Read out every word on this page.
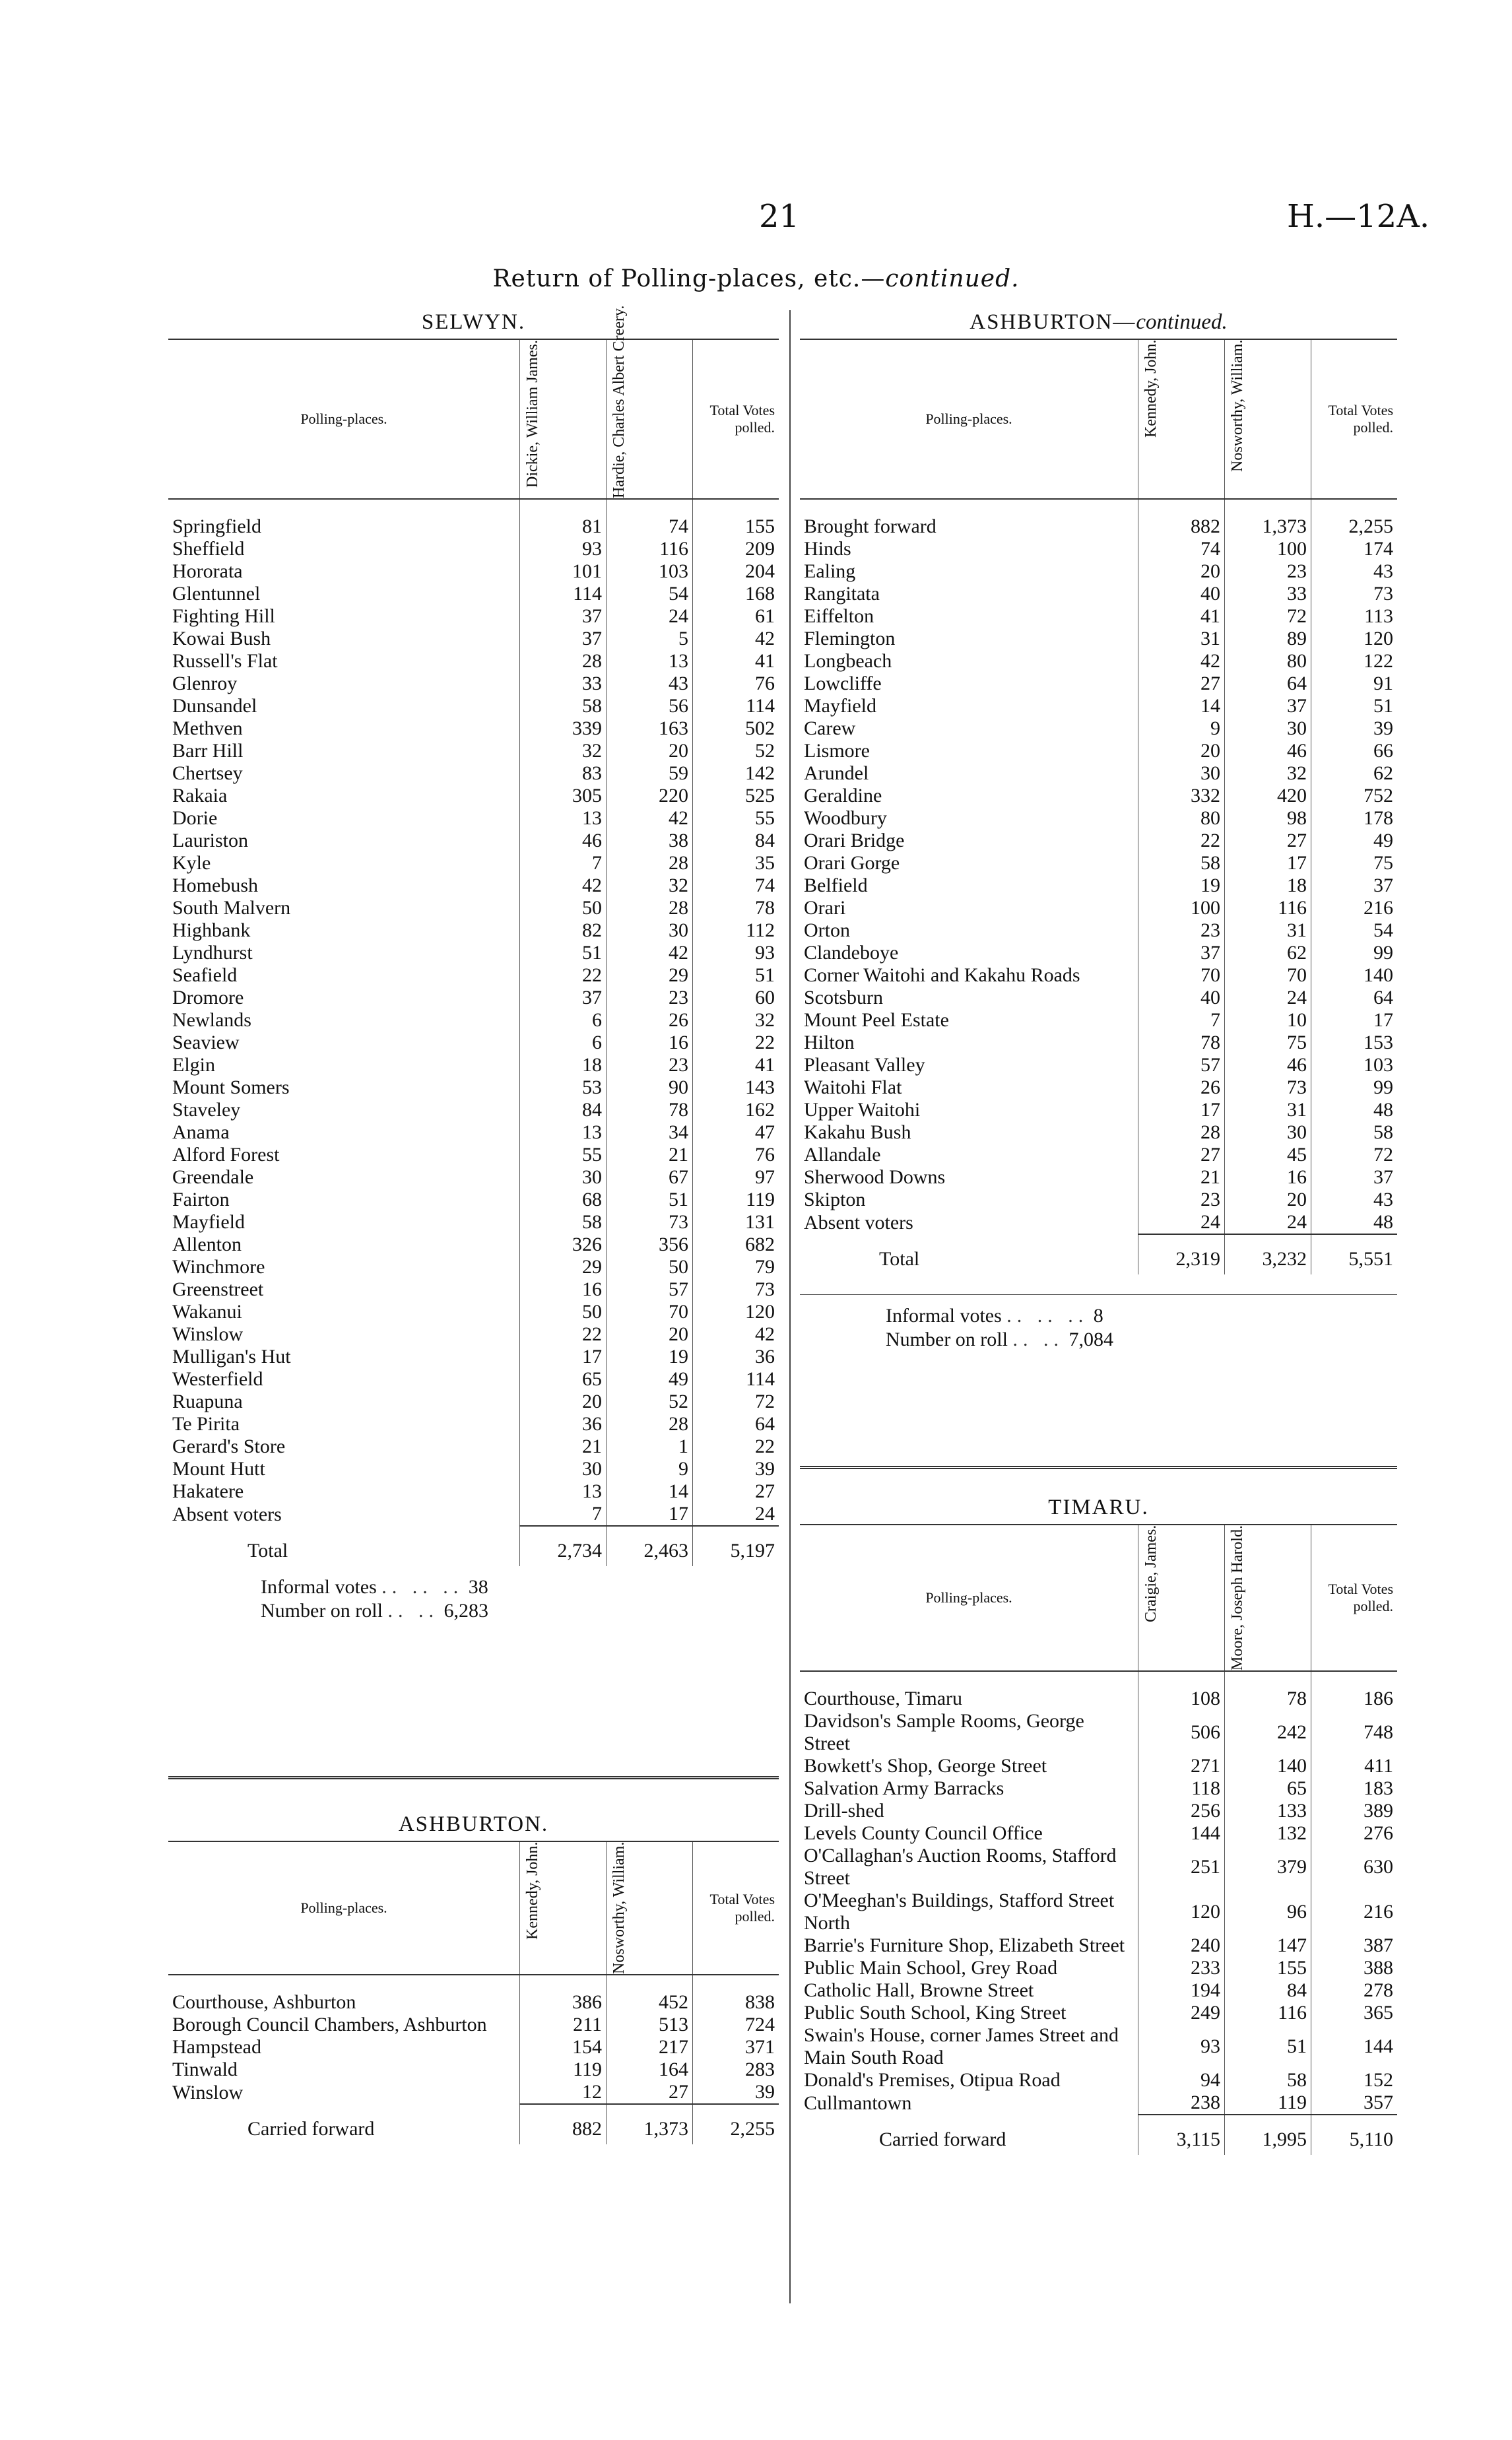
21	H.—12A.
Return of Polling-places, etc.—continued.
SELWYN.
Polling-places.	Dickie, William James.	Hardie, Charles Albert Creery.	Total Votes polled.
Springfield	81	74	155
Sheffield	93	116	209
Hororata	101	103	204
Glentunnel	114	54	168
Fighting Hill	37	24	61
Kowai Bush	37	5	42
Russell's Flat	28	13	41
Glenroy	33	43	76
Dunsandel	58	56	114
Methven	339	163	502
Barr Hill	32	20	52
Chertsey	83	59	142
Rakaia	305	220	525
Dorie	13	42	55
Lauriston	46	38	84
Kyle	7	28	35
Homebush	42	32	74
South Malvern	50	28	78
Highbank	82	30	112
Lyndhurst	51	42	93
Seafield	22	29	51
Dromore	37	23	60
Newlands	6	26	32
Seaview	6	16	22
Elgin	18	23	41
Mount Somers	53	90	143
Staveley	84	78	162
Anama	13	34	47
Alford Forest	55	21	76
Greendale	30	67	97
Fairton	68	51	119
Mayfield	58	73	131
Allenton	326	356	682
Winchmore	29	50	79
Greenstreet	16	57	73
Wakanui	50	70	120
Winslow	22	20	42
Mulligan's Hut	17	19	36
Westerfield	65	49	114
Ruapuna	20	52	72
Te Pirita	36	28	64
Gerard's Store	21	1	22
Mount Hutt	30	9	39
Hakatere	13	14	27
Absent voters	7	17	24
Total	2,734	2,463	5,197
Informal votes .. .. .. 38
Number on roll .. .. 6,283
ASHBURTON.
Polling-places.	Kennedy, John.	Nosworthy, William.	Total Votes polled.
Courthouse, Ashburton	386	452	838
Borough Council Chambers, Ashburton	211	513	724
Hampstead	154	217	371
Tinwald	119	164	283
Winslow	12	27	39
Carried forward	882	1,373	2,255
ASHBURTON—continued.
Polling-places.	Kennedy, John.	Nosworthy, William.	Total Votes polled.
Brought forward	882	1,373	2,255
Hinds	74	100	174
Ealing	20	23	43
Rangitata	40	33	73
Eiffelton	41	72	113
Flemington	31	89	120
Longbeach	42	80	122
Lowcliffe	27	64	91
Mayfield	14	37	51
Carew	9	30	39
Lismore	20	46	66
Arundel	30	32	62
Geraldine	332	420	752
Woodbury	80	98	178
Orari Bridge	22	27	49
Orari Gorge	58	17	75
Belfield	19	18	37
Orari	100	116	216
Orton	23	31	54
Clandeboye	37	62	99
Corner Waitohi and Kakahu Roads	70	70	140
Scotsburn	40	24	64
Mount Peel Estate	7	10	17
Hilton	78	75	153
Pleasant Valley	57	46	103
Waitohi Flat	26	73	99
Upper Waitohi	17	31	48
Kakahu Bush	28	30	58
Allandale	27	45	72
Sherwood Downs	21	16	37
Skipton	23	20	43
Absent voters	24	24	48
Total	2,319	3,232	5,551
Informal votes .. .. .. 8
Number on roll .. .. 7,084
TIMARU.
Polling-places.	Craigie, James.	Moore, Joseph Harold.	Total Votes polled.
Courthouse, Timaru	108	78	186
Davidson's Sample Rooms, George Street	506	242	748
Bowkett's Shop, George Street	271	140	411
Salvation Army Barracks	118	65	183
Drill-shed	256	133	389
Levels County Council Office	144	132	276
O'Callaghan's Auction Rooms, Stafford Street	251	379	630
O'Meeghan's Buildings, Stafford Street North	120	96	216
Barrie's Furniture Shop, Elizabeth Street	240	147	387
Public Main School, Grey Road	233	155	388
Catholic Hall, Browne Street	194	84	278
Public South School, King Street	249	116	365
Swain's House, corner James Street and Main South Road	93	51	144
Donald's Premises, Otipua Road	94	58	152
Cullmantown	238	119	357
Carried forward	3,115	1,995	5,110
